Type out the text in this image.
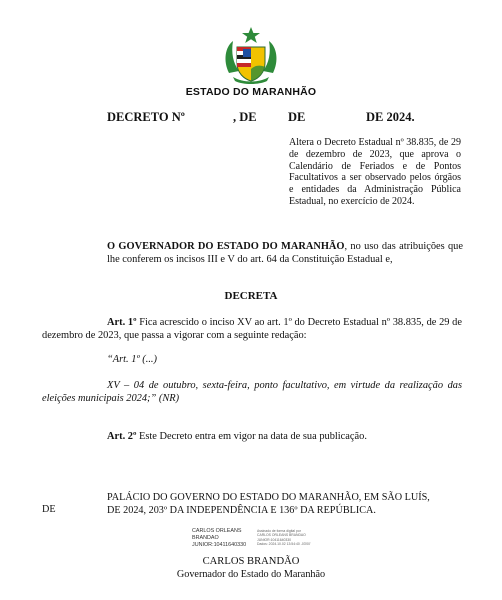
ESTADO DO MARANHÃO
DECRETO Nº	, DE	DE	DE 2024.
Altera o Decreto Estadual nº 38.835, de 29 de dezembro de 2023, que aprova o Calendário de Feriados e de Pontos Facultativos a ser observado pelos órgãos e entidades da Administração Pública Estadual, no exercício de 2024.
O GOVERNADOR DO ESTADO DO MARANHÃO, no uso das atribuições que lhe conferem os incisos III e V do art. 64 da Constituição Estadual e,
DECRETA
Art. 1º Fica acrescido o inciso XV ao art. 1º do Decreto Estadual nº 38.835, de 29 de dezembro de 2023, que passa a vigorar com a seguinte redação:
“Art. 1º (...)
XV – 04 de outubro, sexta-feira, ponto facultativo, em virtude da realização das eleições municipais 2024;” (NR)
Art. 2º Este Decreto entra em vigor na data de sua publicação.
PALÁCIO DO GOVERNO DO ESTADO DO MARANHÃO, EM SÃO LUÍS,
DE 2024, 203º DA INDEPENDÊNCIA E 136º DA REPÚBLICA.
DE
CARLOS ORLEANS
BRANDAO
JUNIOR:10411640330
Assinado de forma digital por
CARLOS ORLEANS BRANDAO
JUNIOR:10411640330
Dados: 2024.10.02 13:54:40 -03'00'
CARLOS BRANDÃO
Governador do Estado do Maranhão
